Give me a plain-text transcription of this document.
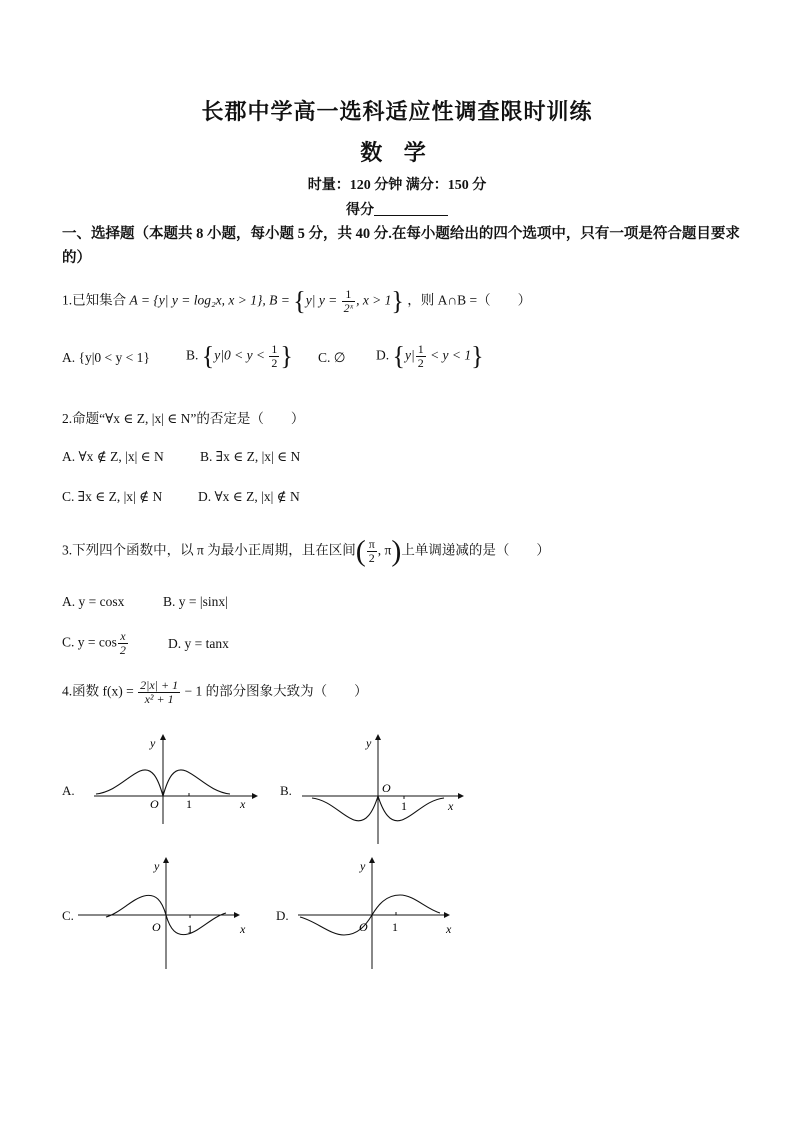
长郡中学高一选科适应性调查限时训练
数 学
时量：120 分钟 满分：150 分
得分
一、选择题（本题共 8 小题，每小题 5 分，共 40 分.在每小题给出的四个选项中，只有一项是符合题目要求的）
1.已知集合 A = {y| y = log₂x, x > 1}, B = {y| $y = \frac{1}{\text{2ˣ}}$ , x > 1} ，则 A∩B =（　　）
A. {y|0 < y < 1}	B. {$y|0 < y < \frac{1}{2}$ } C. ∅ D. $\{y| \frac{1}{2} < y < 1\}$
2.命题“∀x ∈ Z, |x| ∈ N”的否定是（　　）
A. ∀x ∉ Z, |x| ∈ N	B. ∃x ∈ Z, |x| ∈ N
C. ∃x ∈ Z, |x| ∉ N	D. ∀x ∈ Z, |x| ∉ N
3.下列四个函数中，以 π 为最小正周期，且在区间( $\frac{\pi}{2}$ , π)上单调递减的是（　　）
A. y = cosx	B. y = |sinx|
C. $y = \cos \frac{x}{2}$	D. y = tanx
4.函数 $f(x) = \frac{2|x| + 1}{\text{x² + 1}} - 1$ 的部分图象大致为（　　）
A.	B.
C.	D.
O 1	x
y
O
1	x
y
O 1	x
y
O 1	x
y
